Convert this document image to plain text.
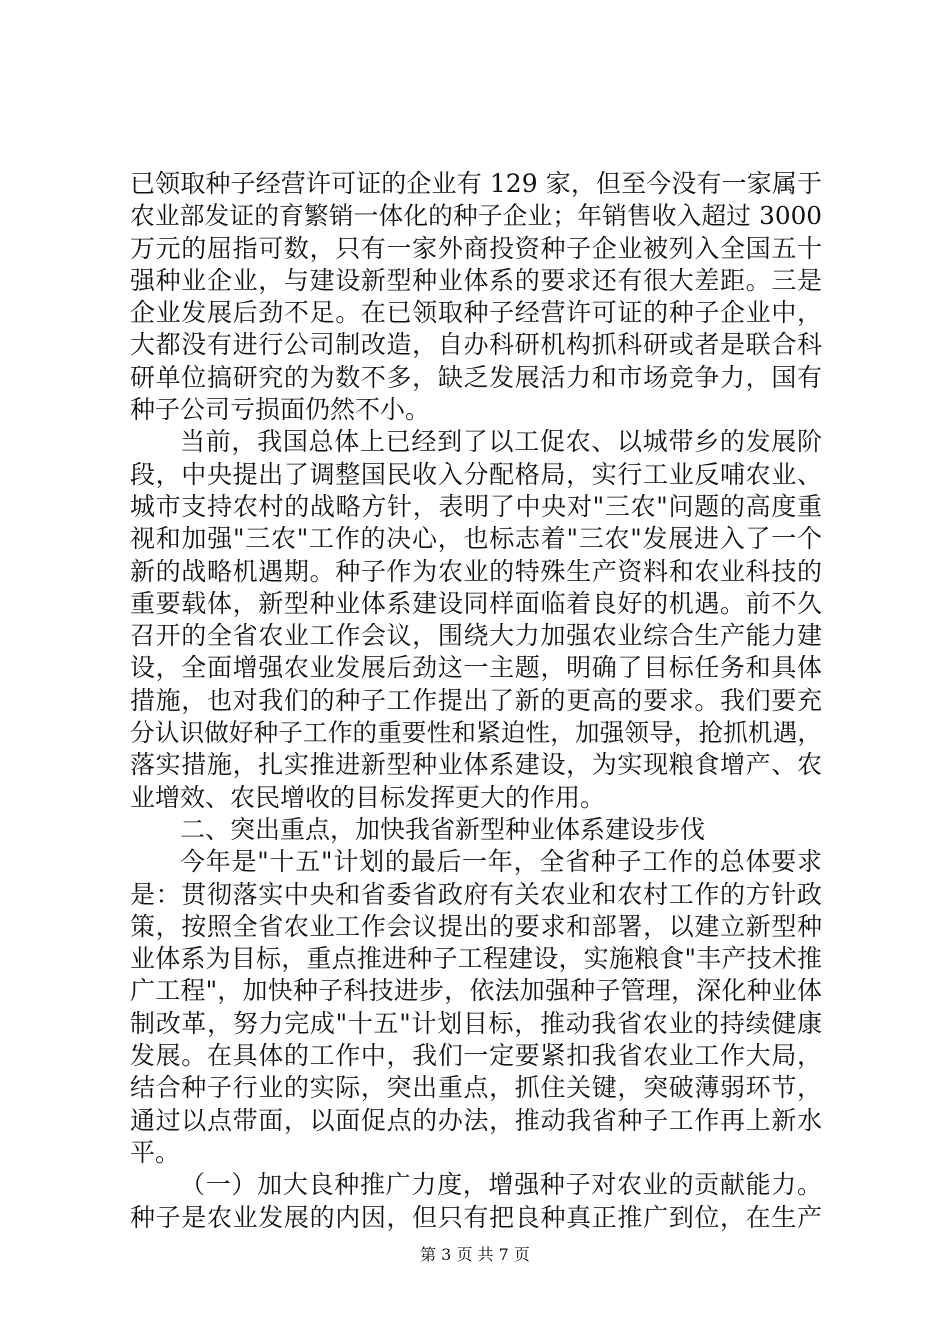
已领取种子经营许可证的企业有 129 家，但至今没有一家属于
农业部发证的育繁销一体化的种子企业；年销售收入超过 3000
万元的屈指可数，只有一家外商投资种子企业被列入全国五十
强种业企业，与建设新型种业体系的要求还有很大差距。三是
企业发展后劲不足。在已领取种子经营许可证的种子企业中，
大都没有进行公司制改造，自办科研机构抓科研或者是联合科
研单位搞研究的为数不多，缺乏发展活力和市场竞争力，国有
种子公司亏损面仍然不小。
当前，我国总体上已经到了以工促农、以城带乡的发展阶
段，中央提出了调整国民收入分配格局，实行工业反哺农业、
城市支持农村的战略方针，表明了中央对"三农"问题的高度重
视和加强"三农"工作的决心，也标志着"三农"发展进入了一个
新的战略机遇期。种子作为农业的特殊生产资料和农业科技的
重要载体，新型种业体系建设同样面临着良好的机遇。前不久
召开的全省农业工作会议，围绕大力加强农业综合生产能力建
设，全面增强农业发展后劲这一主题，明确了目标任务和具体
措施，也对我们的种子工作提出了新的更高的要求。我们要充
分认识做好种子工作的重要性和紧迫性，加强领导，抢抓机遇，
落实措施，扎实推进新型种业体系建设，为实现粮食增产、农
业增效、农民增收的目标发挥更大的作用。
二、突出重点，加快我省新型种业体系建设步伐
今年是"十五"计划的最后一年，全省种子工作的总体要求
是：贯彻落实中央和省委省政府有关农业和农村工作的方针政
策，按照全省农业工作会议提出的要求和部署，以建立新型种
业体系为目标，重点推进种子工程建设，实施粮食"丰产技术推
广工程"，加快种子科技进步，依法加强种子管理，深化种业体
制改革，努力完成"十五"计划目标，推动我省农业的持续健康
发展。在具体的工作中，我们一定要紧扣我省农业工作大局，
结合种子行业的实际，突出重点，抓住关键，突破薄弱环节，
通过以点带面，以面促点的办法，推动我省种子工作再上新水
平。
（一）加大良种推广力度，增强种子对农业的贡献能力。
种子是农业发展的内因，但只有把良种真正推广到位，在生产
第 3 页 共 7 页
